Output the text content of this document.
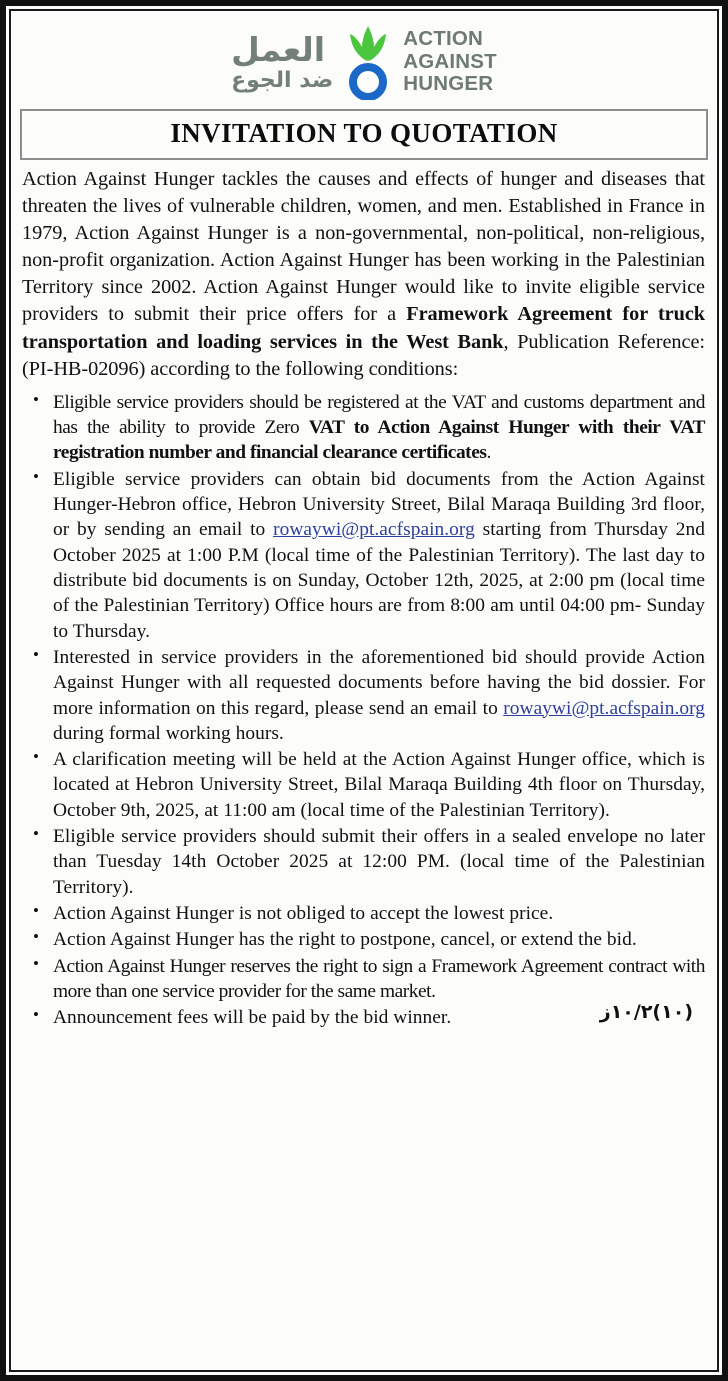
العمل
ضد الجوع
ACTION
AGAINST
HUNGER
INVITATION TO QUOTATION

Action Against Hunger tackles the causes and effects of hunger and diseases that threaten the lives of vulnerable children, women, and men. Established in France in 1979, Action Against Hunger is a non-governmental, non-political, non-religious, non-profit organization. Action Against Hunger has been working in the Palestinian Territory since 2002. Action Against Hunger would like to invite eligible service providers to submit their price offers for a Framework Agreement for truck transportation and loading services in the West Bank, Publication Reference: (PI-HB-02096) according to the following conditions:

• Eligible service providers should be registered at the VAT and customs department and has the ability to provide Zero VAT to Action Against Hunger with their VAT registration number and financial clearance certificates.
• Eligible service providers can obtain bid documents from the Action Against Hunger-Hebron office, Hebron University Street, Bilal Maraqa Building 3rd floor, or by sending an email to rowaywi@pt.acfspain.org starting from Thursday 2nd October 2025 at 1:00 P.M (local time of the Palestinian Territory). The last day to distribute bid documents is on Sunday, October 12th, 2025, at 2:00 pm (local time of the Palestinian Territory) Office hours are from 8:00 am until 04:00 pm- Sunday to Thursday.
• Interested in service providers in the aforementioned bid should provide Action Against Hunger with all requested documents before having the bid dossier. For more information on this regard, please send an email to rowaywi@pt.acfspain.org during formal working hours.
• A clarification meeting will be held at the Action Against Hunger office, which is located at Hebron University Street, Bilal Maraqa Building 4th floor on Thursday, October 9th, 2025, at 11:00 am (local time of the Palestinian Territory).
• Eligible service providers should submit their offers in a sealed envelope no later than Tuesday 14th October 2025 at 12:00 PM. (local time of the Palestinian Territory).
• Action Against Hunger is not obliged to accept the lowest price.
• Action Against Hunger has the right to postpone, cancel, or extend the bid.
• Action Against Hunger reserves the right to sign a Framework Agreement contract with more than one service provider for the same market.
• Announcement fees will be paid by the bid winner.	(١٠)١٠/٢ز
